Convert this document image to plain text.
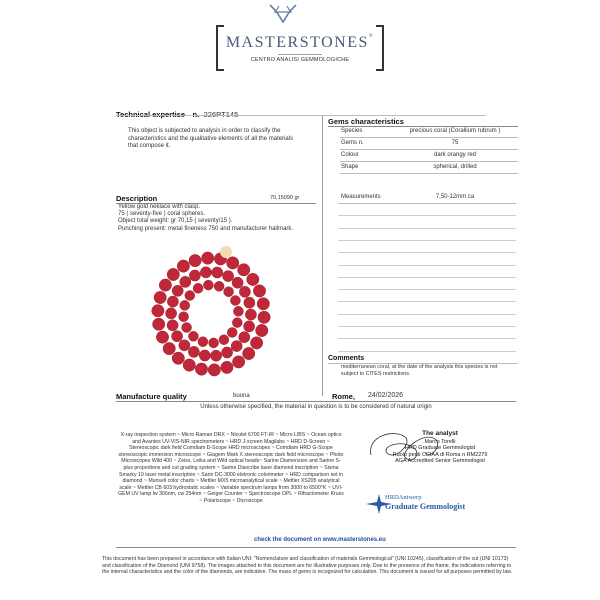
MASTERSTONES®
CENTRO ANALISI GEMMOLOGICHE
Technical expertise n. 226PT145
This object is subjected to analysis in order to classify the characteristics and the qualitative elements of all the materials that compose it.
Gems characteristics
Species	precious coral (Corallium rubrum )
Gems n.	75
Colour	dark orangy red
Shape	spherical, drilled
Measurements	7,50-12mm ca
Comments
mediterranean coral, at the date of the analysis this species is not subject to CITES restrictions.
Description	70,15090 gr
Yellow gold neklace with clasp.
75 ( seventy-five ) coral spheres.
Object total weight: gr 70,15 ( seventy/15 ).
Punching present: metal fineness 750 and manufacturer hallmark.
Manufacture quality	buona	Rome, 24/02/2026
Unless otherwise specified, the material in question is to be considered of natural origin
X-ray inspection system ~ Micro Raman DRX ~ Nicolet 6700 FT-IR ~ Micro LIBS ~ Ocean optics and Avantes UV-VIS-NIR spectrometers ~ HRD J-screen Magilabs ~ HRD D-Screen ~ Stereoscopic dark field Comdiam D-Scope HRD microscopes ~ Comdiam HRD G-Scope stereoscopic immersion microscope ~ Giagem Mark X stereoscopic dark field microscope ~ Photo Microscopes Wild 400 ~ Zeiss, Leika and Wild optical heads~ Sarine Diamension and Sarine S-plus proportions and cut grading system ~ Sarine Diascribe laser diamond inscription ~ Sisma Smarky 10 laser metal inscription ~ Sarin DC-3000 eletronic colorimeter ~ HRD comparison set in diamond ~ Munsell color charts ~ Mettler MX5 microanalytical scale ~ Mettler XS205 analytical scale ~ Mettler CB 603 hydrostatic scales ~ Variable spectrum lamps from 3000 to 6500°K ~ UVI-GEM UV lamp lw 366nm, cw 254nm ~ Geiger Counter ~ Spectroscope OPL ~ Rifractometer Kruss ~ Polariscope ~ Dicroscope
The analyst
Marco Torelli
HRD Graduate Gemmologist
Ruolo periti CCIAA di Roma n RM2279
AGA Accredited Senior Gemmologist
HRDAntwerp
Graduate Gemmologist
check the document on www.masterstones.eu
This document has been prepared in accordance with Italian UNI: "Nomenclature and classification of materials Gemmological" (UNI 10245), classification of the cut (UNI 10173) and classification of the Diamond (UNI 9758). The images attached to this document are for illustrative purposes only. Due to the presence of the frame, the indications referring to the internal characteristics and the color of the diamonds, are indicative. The mass of gems is recognized for calculation. This document is issued for all purposes permitted by law.
